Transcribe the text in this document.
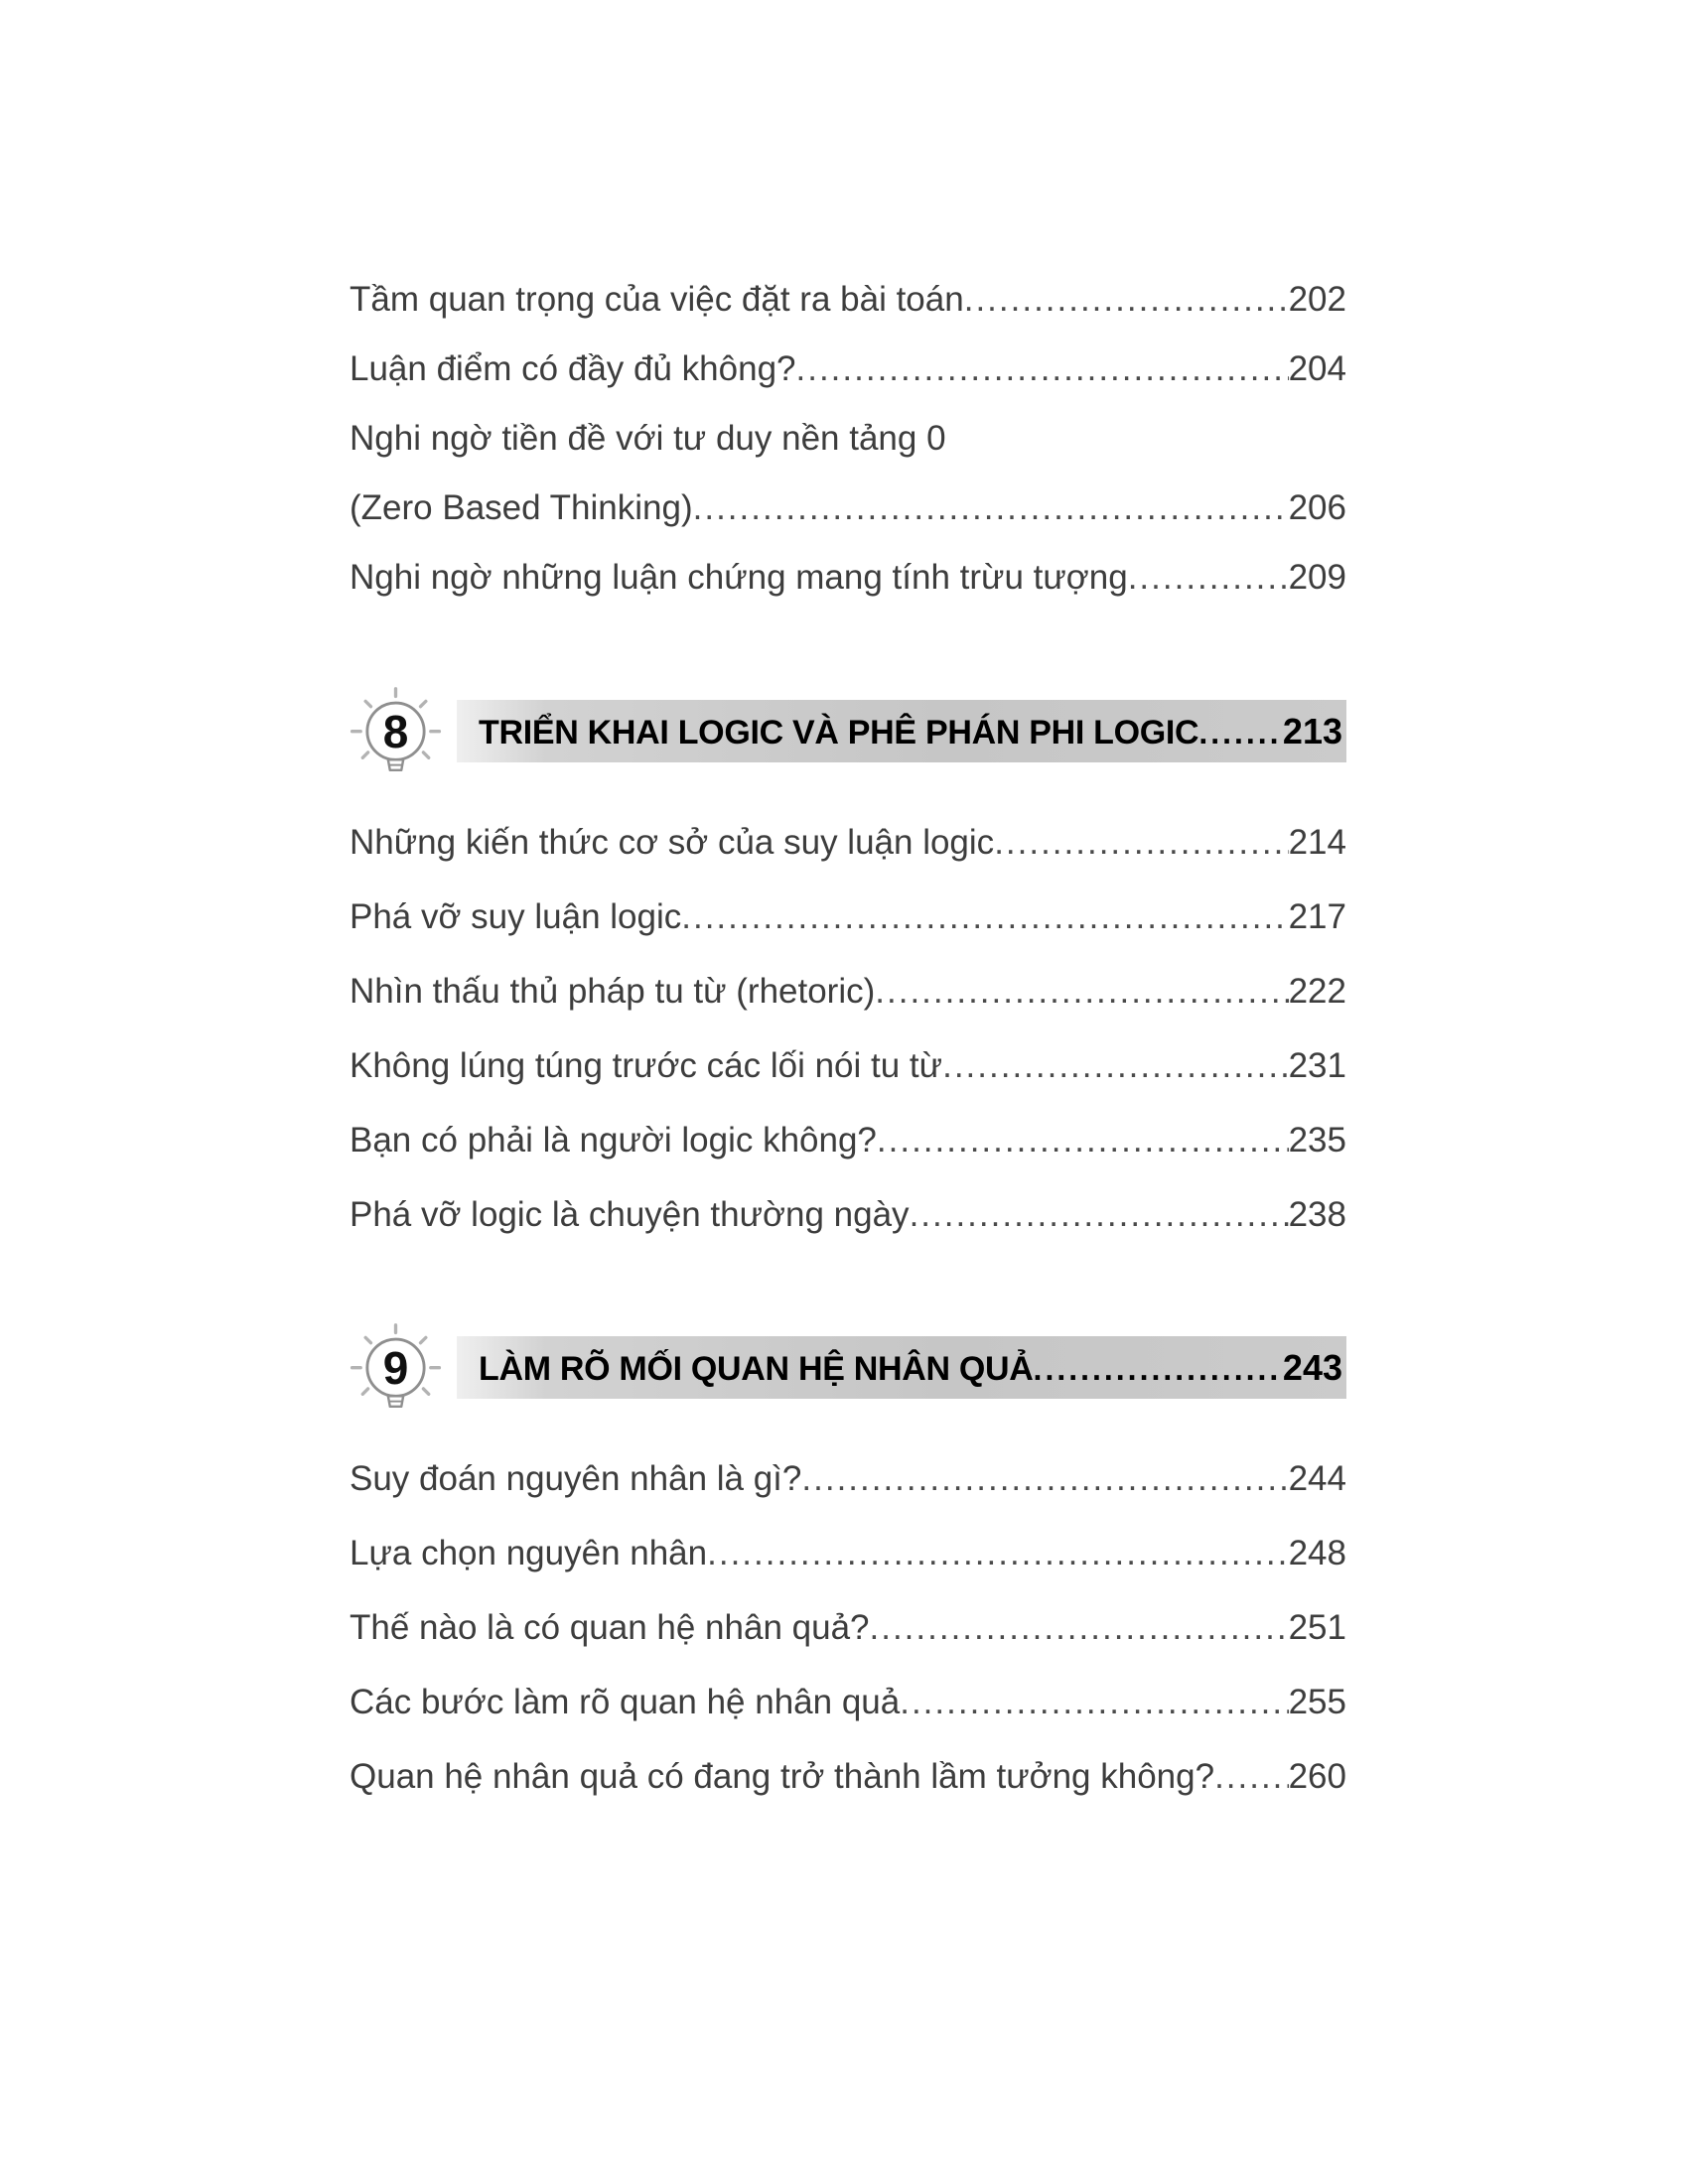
Tầm quan trọng của việc đặt ra bài toán .....	202
Luận điểm có đầy đủ không? .....	204
Nghi ngờ tiền đề với tư duy nền tảng 0
(Zero Based Thinking) .....	206
Nghi ngờ những luận chứng mang tính trừu tượng .....	209
TRIỂN KHAI LOGIC VÀ PHÊ PHÁN PHI LOGIC ..... 213
8
Những kiến thức cơ sở của suy luận logic .....	214
Phá vỡ suy luận logic .....	217
Nhìn thấu thủ pháp tu từ (rhetoric) .....	222
Không lúng túng trước các lối nói tu từ .....	231
Bạn có phải là người logic không? .....	235
Phá vỡ logic là chuyện thường ngày .....	238
LÀM RÕ MỐI QUAN HỆ NHÂN QUẢ .....	243
9
Suy đoán nguyên nhân là gì? .....	244
Lựa chọn nguyên nhân .....	248
Thế nào là có quan hệ nhân quả? .....	251
Các bước làm rõ quan hệ nhân quả .....	255
Quan hệ nhân quả có đang trở thành lầm tưởng không? ..... 260
